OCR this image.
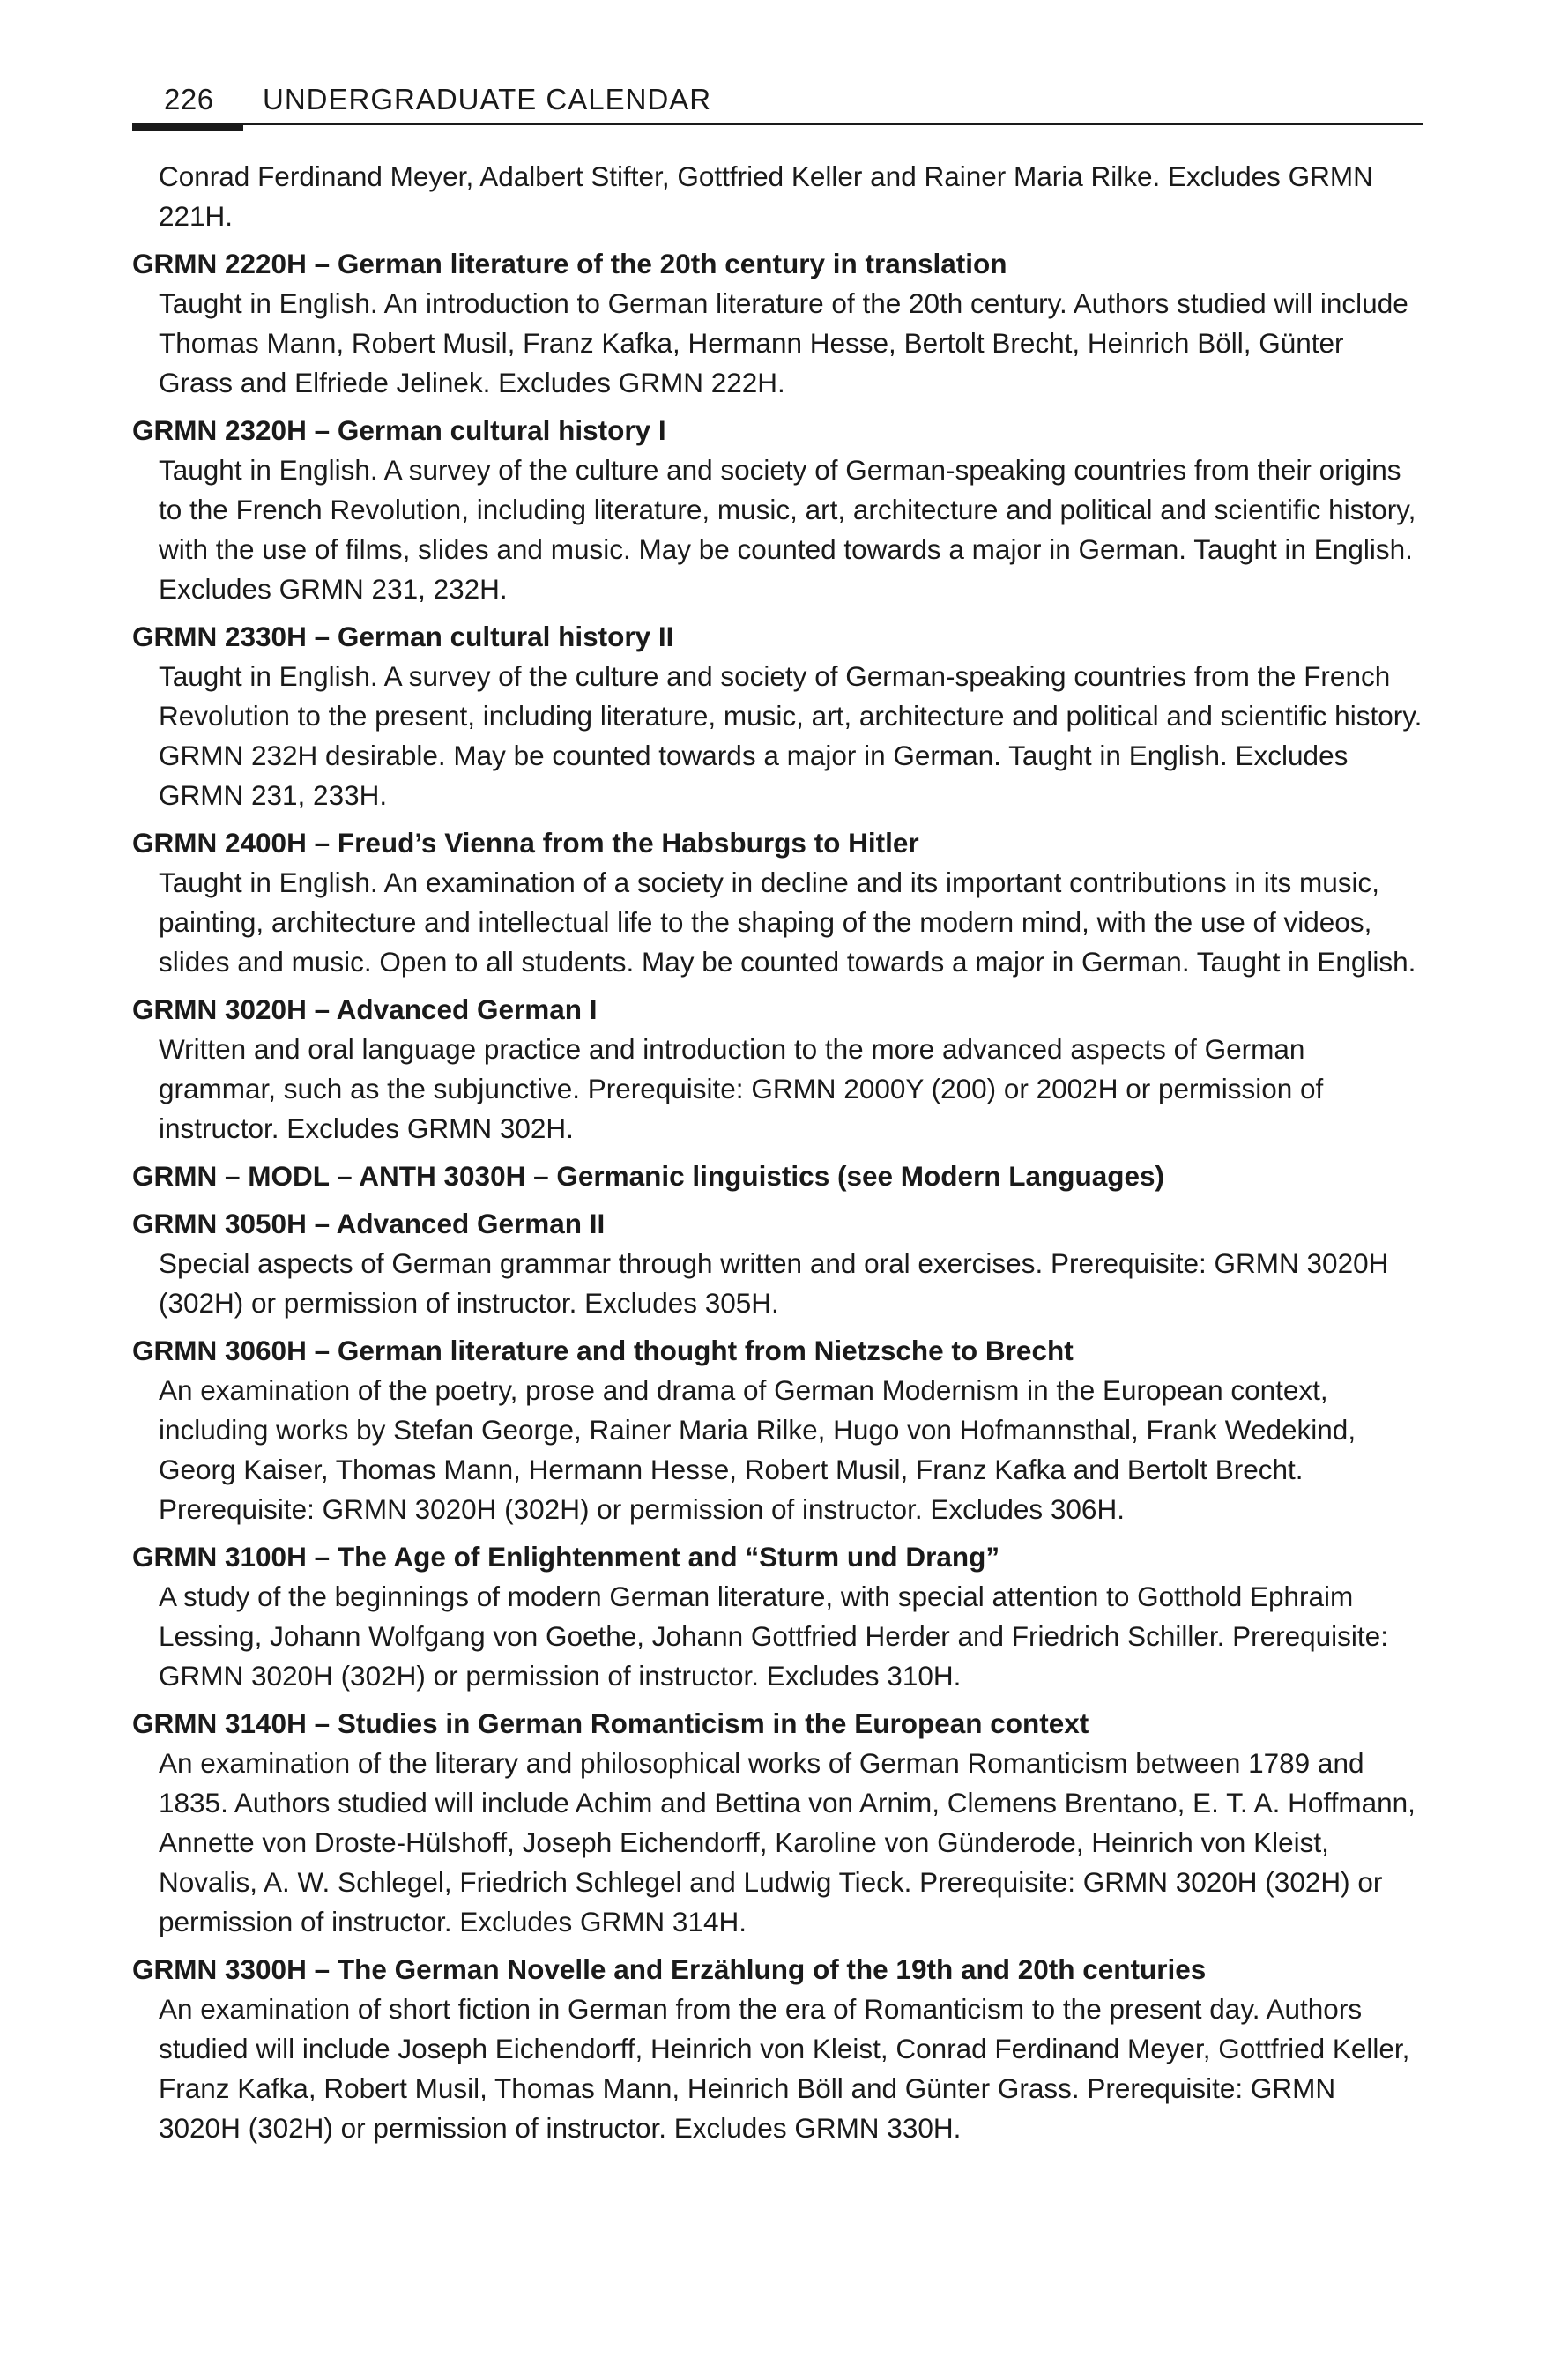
226 UNDERGRADUATE CALENDAR

Conrad Ferdinand Meyer, Adalbert Stifter, Gottfried Keller and Rainer Maria Rilke. Excludes GRMN 221H.

GRMN 2220H – German literature of the 20th century in translation

Taught in English. An introduction to German literature of the 20th century. Authors studied will include Thomas Mann, Robert Musil, Franz Kafka, Hermann Hesse, Bertolt Brecht, Heinrich Böll, Günter Grass and Elfriede Jelinek. Excludes GRMN 222H.

GRMN 2320H – German cultural history I

Taught in English. A survey of the culture and society of German-speaking countries from their origins to the French Revolution, including literature, music, art, architecture and political and scientific history, with the use of films, slides and music. May be counted towards a major in German. Taught in English. Excludes GRMN 231, 232H.

GRMN 2330H – German cultural history II

Taught in English. A survey of the culture and society of German-speaking countries from the French Revolution to the present, including literature, music, art, architecture and political and scientific history. GRMN 232H desirable. May be counted towards a major in German. Taught in English. Excludes GRMN 231, 233H.

GRMN 2400H – Freud’s Vienna from the Habsburgs to Hitler

Taught in English. An examination of a society in decline and its important contributions in its music, painting, architecture and intellectual life to the shaping of the modern mind, with the use of videos, slides and music. Open to all students. May be counted towards a major in German. Taught in English.

GRMN 3020H – Advanced German I

Written and oral language practice and introduction to the more advanced aspects of German grammar, such as the subjunctive. Prerequisite: GRMN 2000Y (200) or 2002H or permission of instructor. Excludes GRMN 302H.

GRMN – MODL – ANTH 3030H – Germanic linguistics (see Modern Languages)

GRMN 3050H – Advanced German II

Special aspects of German grammar through written and oral exercises. Prerequisite: GRMN 3020H (302H) or permission of instructor. Excludes 305H.

GRMN 3060H – German literature and thought from Nietzsche to Brecht

An examination of the poetry, prose and drama of German Modernism in the European context, including works by Stefan George, Rainer Maria Rilke, Hugo von Hofmannsthal, Frank Wedekind, Georg Kaiser, Thomas Mann, Hermann Hesse, Robert Musil, Franz Kafka and Bertolt Brecht. Prerequisite: GRMN 3020H (302H) or permission of instructor. Excludes 306H.

GRMN 3100H – The Age of Enlightenment and “Sturm und Drang”

A study of the beginnings of modern German literature, with special attention to Gotthold Ephraim Lessing, Johann Wolfgang von Goethe, Johann Gottfried Herder and Friedrich Schiller. Prerequisite: GRMN 3020H (302H) or permission of instructor. Excludes 310H.

GRMN 3140H – Studies in German Romanticism in the European context

An examination of the literary and philosophical works of German Romanticism between 1789 and 1835. Authors studied will include Achim and Bettina von Arnim, Clemens Brentano, E. T. A. Hoffmann, Annette von Droste-Hülshoff, Joseph Eichendorff, Karoline von Günderode, Heinrich von Kleist, Novalis, A. W. Schlegel, Friedrich Schlegel and Ludwig Tieck. Prerequisite: GRMN 3020H (302H) or permission of instructor. Excludes GRMN 314H.

GRMN 3300H – The German Novelle and Erzählung of the 19th and 20th centuries

An examination of short fiction in German from the era of Romanticism to the present day. Authors studied will include Joseph Eichendorff, Heinrich von Kleist, Conrad Ferdinand Meyer, Gottfried Keller, Franz Kafka, Robert Musil, Thomas Mann, Heinrich Böll and Günter Grass. Prerequisite: GRMN 3020H (302H) or permission of instructor. Excludes GRMN 330H.
